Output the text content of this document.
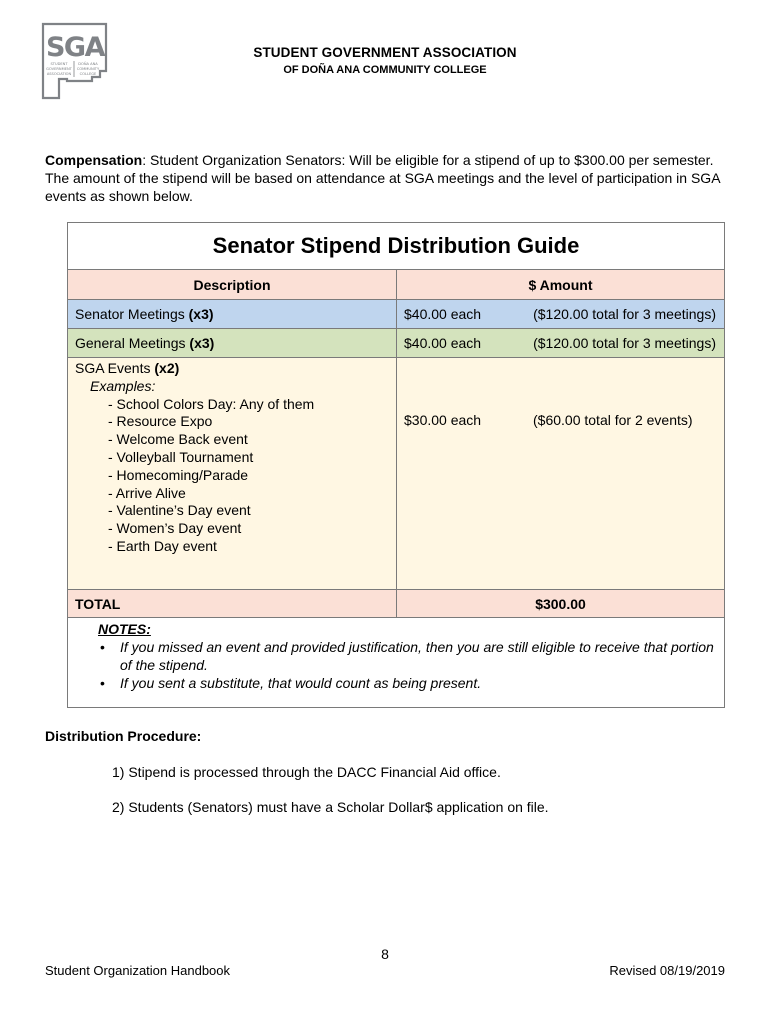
SGA
STUDENT
GOVERNMENT
ASSOCIATION
DOÑA ANA
COMMUNITY
COLLEGE
STUDENT GOVERNMENT ASSOCIATION
OF DOÑA ANA COMMUNITY COLLEGE
Compensation: Student Organization Senators: Will be eligible for a stipend of up to $300.00 per semester. The amount of the stipend will be based on attendance at SGA meetings and the level of participation in SGA events as shown below.
Senator Stipend Distribution Guide
Description	$ Amount
Senator Meetings (x3)	$40.00 each	($120.00 total for 3 meetings)
General Meetings (x3)	$40.00 each	($120.00 total for 3 meetings)
SGA Events (x2)
Examples:
- School Colors Day: Any of them
- Resource Expo
- Welcome Back event
- Volleyball Tournament
- Homecoming/Parade
- Arrive Alive
- Valentine’s Day event
- Women’s Day event
- Earth Day event
$30.00 each	($60.00 total for 2 events)
TOTAL	$300.00
NOTES:
• If you missed an event and provided justification, then you are still eligible to receive that portion of the stipend.
• If you sent a substitute, that would count as being present.
Distribution Procedure:
1) Stipend is processed through the DACC Financial Aid office.
2) Students (Senators) must have a Scholar Dollar$ application on file.
8
Student Organization Handbook	Revised 08/19/2019
